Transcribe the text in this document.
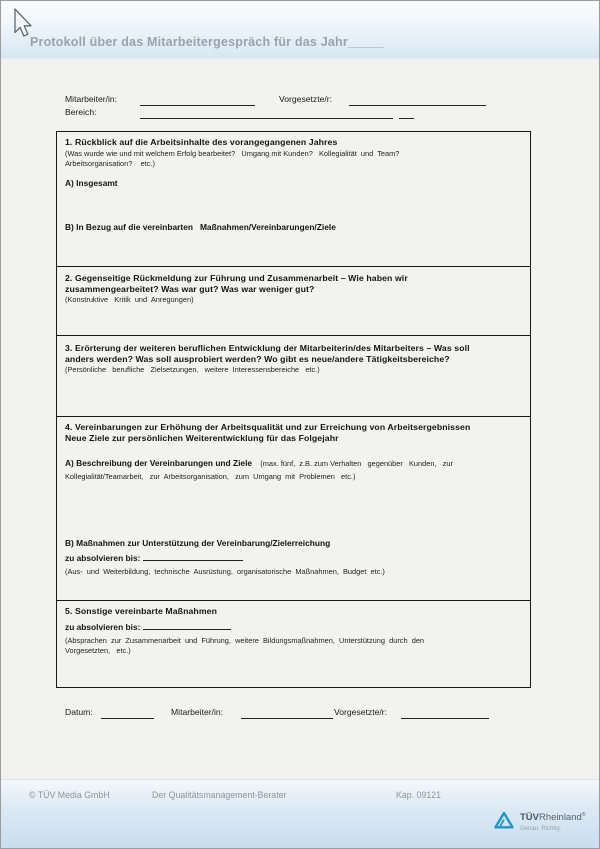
Protokoll über das Mitarbeitergespräch für das Jahr_____
Mitarbeiter/in:	Vorgesetzte/r:
Bereich:
1. Rückblick auf die Arbeitsinhalte des vorangegangenen Jahres
(Was wurde wie und mit welchem Erfolg bearbeitet?   Umgang mit Kunden?   Kollegialität  und  Team?
Arbeitsorganisation?    etc.)
A) Insgesamt
B) In Bezug auf die vereinbarten   Maßnahmen/Vereinbarungen/Ziele
2. Gegenseitige Rückmeldung zur Führung und Zusammenarbeit – Wie haben wir
zusammengearbeitet? Was war gut? Was war weniger gut?
(Konstruktive   Kritik  und  Anregungen)
3. Erörterung der weiteren beruflichen Entwicklung der Mitarbeiterin/des Mitarbeiters – Was soll
anders werden? Was soll ausprobiert werden? Wo gibt es neue/andere Tätigkeitsbereiche?
(Persönliche   berufliche   Zielsetzungen,   weitere  Interessensbereiche   etc.)
4. Vereinbarungen zur Erhöhung der Arbeitsqualität und zur Erreichung von Arbeitsergebnissen
Neue Ziele zur persönlichen Weiterentwicklung für das Folgejahr
A) Beschreibung der Vereinbarungen und Ziele    (max. fünf,  z.B. zum Verhalten   gegenüber   Kunden,   zur
Kollegialität/Teamarbeit,   zur  Arbeitsorganisation,   zum  Umgang  mit  Problemen   etc.)
B) Maßnahmen zur Unterstützung der Vereinbarung/Zielerreichung
zu absolvieren bis:
(Aus-  und  Weiterbildung,  technische  Ausrüstung,  organisatorische  Maßnahmen,  Budget  etc.)
5. Sonstige vereinbarte Maßnahmen
zu absolvieren bis:
(Absprachen  zur  Zusammenarbeit  und  Führung,  weitere  Bildungsmaßnahmen,  Unterstützung  durch  den
Vorgesetzten,   etc.)
Datum:	Mitarbeiter/in:	Vorgesetzte/r:
© TÜV Media GmbH	Der Qualitätsmanagement-Berater	Kap. 09121
TÜVRheinland®
Genau. Richtig.
